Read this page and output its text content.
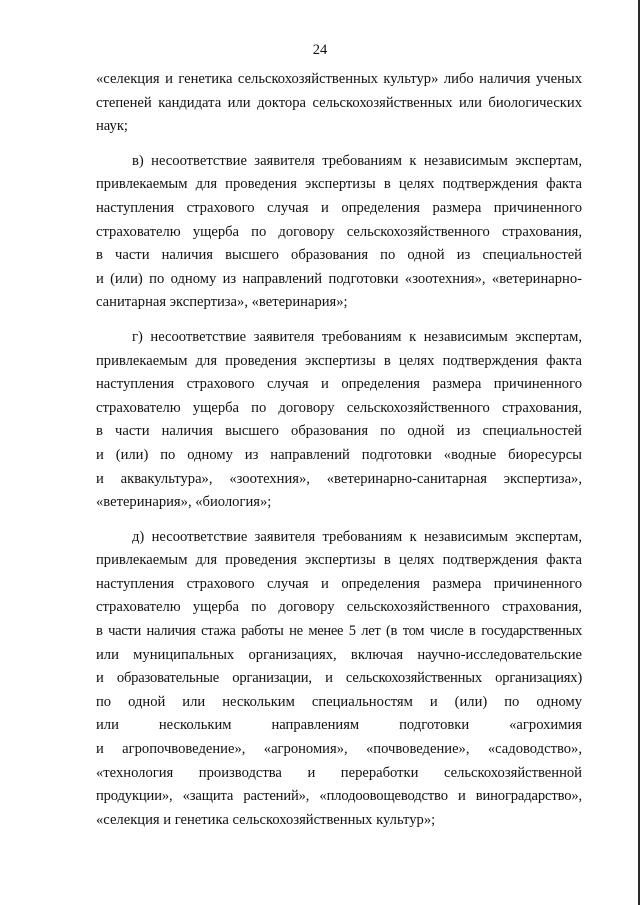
24
«селекция и генетика сельскохозяйственных культур» либо наличия ученых
степеней кандидата или доктора сельскохозяйственных или биологических
наук;
в) несоответствие заявителя требованиям к независимым экспертам,
привлекаемым для проведения экспертизы в целях подтверждения факта
наступления страхового случая и определения размера причиненного
страхователю ущерба по договору сельскохозяйственного страхования,
в части наличия высшего образования по одной из специальностей
и (или) по одному из направлений подготовки «зоотехния», «ветеринарно-
санитарная экспертиза», «ветеринария»;
г) несоответствие заявителя требованиям к независимым экспертам,
привлекаемым для проведения экспертизы в целях подтверждения факта
наступления страхового случая и определения размера причиненного
страхователю ущерба по договору сельскохозяйственного страхования,
в части наличия высшего образования по одной из специальностей
и (или) по одному из направлений подготовки «водные биоресурсы
и аквакультура», «зоотехния», «ветеринарно-санитарная экспертиза»,
«ветеринария», «биология»;
д) несоответствие заявителя требованиям к независимым экспертам,
привлекаемым для проведения экспертизы в целях подтверждения факта
наступления страхового случая и определения размера причиненного
страхователю ущерба по договору сельскохозяйственного страхования,
в части наличия стажа работы не менее 5 лет (в том числе в государственных
или муниципальных организациях, включая научно-исследовательские
и образовательные организации, и сельскохозяйственных организациях)
по одной или нескольким специальностям и (или) по одному
или нескольким направлениям подготовки «агрохимия
и агропочвоведение», «агрономия», «почвоведение», «садоводство»,
«технология производства и переработки сельскохозяйственной
продукции», «защита растений», «плодоовощеводство и виноградарство»,
«селекция и генетика сельскохозяйственных культур»;
